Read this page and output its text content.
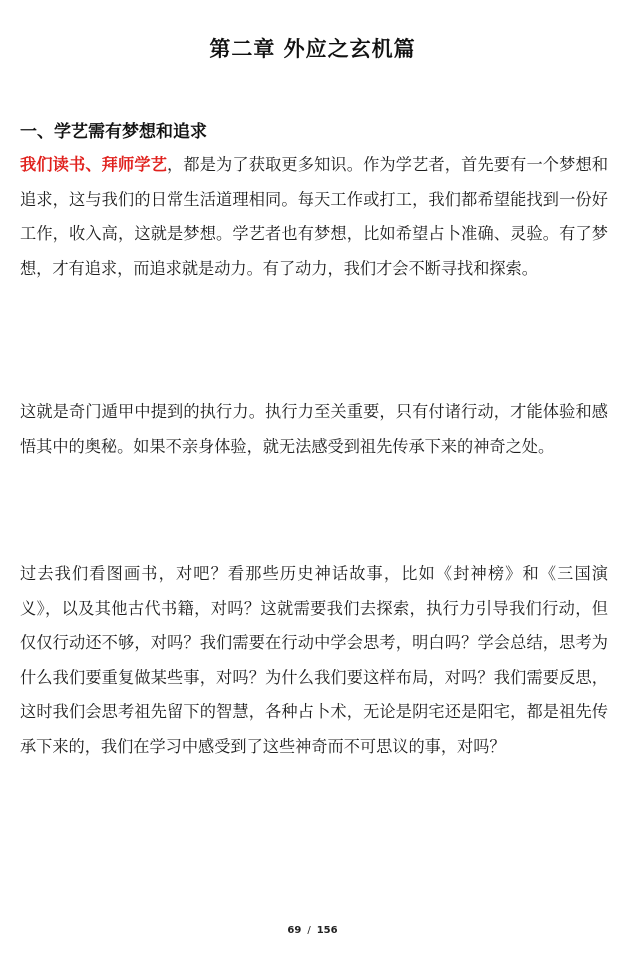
第二章 外应之玄机篇
一、学艺需有梦想和追求

我们读书、拜师学艺，都是为了获取更多知识。作为学艺者，首先要有一个梦想和追求，这与我们的日常生活道理相同。每天工作或打工，我们都希望能找到一份好工作，收入高，这就是梦想。学艺者也有梦想，比如希望占卜准确、灵验。有了梦想，才有追求，而追求就是动力。有了动力，我们才会不断寻找和探索。

这就是奇门遁甲中提到的执行力。执行力至关重要，只有付诸行动，才能体验和感悟其中的奥秘。如果不亲身体验，就无法感受到祖先传承下来的神奇之处。

过去我们看图画书，对吧？看那些历史神话故事，比如《封神榜》和《三国演义》，以及其他古代书籍，对吗？这就需要我们去探索，执行力引导我们行动，但仅仅行动还不够，对吗？我们需要在行动中学会思考，明白吗？学会总结，思考为什么我们要重复做某些事，对吗？为什么我们要这样布局，对吗？我们需要反思，这时我们会思考祖先留下的智慧，各种占卜术，无论是阴宅还是阳宅，都是祖先传承下来的，我们在学习中感受到了这些神奇而不可思议的事，对吗？

69 / 156
